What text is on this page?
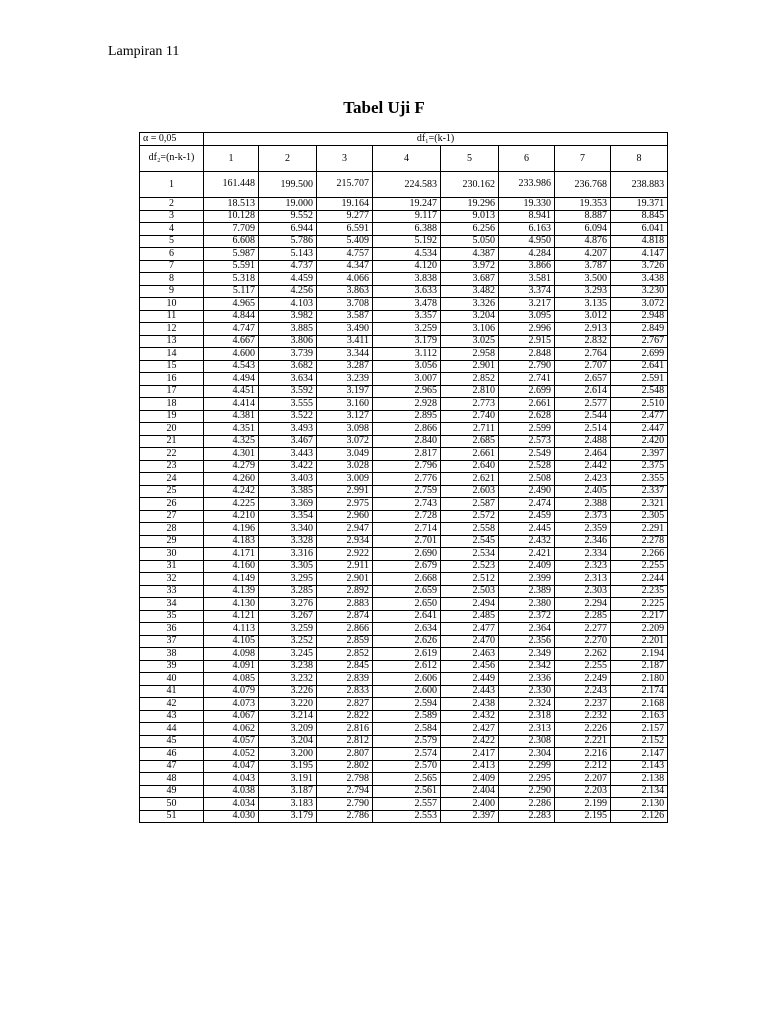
Lampiran 11
Tabel Uji F
α = 0,05	df₁=(k-1)							
df₂=(n-k-1)	1	2	3	4	5	6	7	8
1	161.448	199.500	215.707	224.583	230.162	233.986	236.768	238.883
2	18.513	19.000	19.164	19.247	19.296	19.330	19.353	19.371
3	10.128	9.552	9.277	9.117	9.013	8.941	8.887	8.845
4	7.709	6.944	6.591	6.388	6.256	6.163	6.094	6.041
5	6.608	5.786	5.409	5.192	5.050	4.950	4.876	4.818
6	5.987	5.143	4.757	4.534	4.387	4.284	4.207	4.147
7	5.591	4.737	4.347	4.120	3.972	3.866	3.787	3.726
8	5.318	4.459	4.066	3.838	3.687	3.581	3.500	3.438
9	5.117	4.256	3.863	3.633	3.482	3.374	3.293	3.230
10	4.965	4.103	3.708	3.478	3.326	3.217	3.135	3.072
11	4.844	3.982	3.587	3.357	3.204	3.095	3.012	2.948
12	4.747	3.885	3.490	3.259	3.106	2.996	2.913	2.849
13	4.667	3.806	3.411	3.179	3.025	2.915	2.832	2.767
14	4.600	3.739	3.344	3.112	2.958	2.848	2.764	2.699
15	4.543	3.682	3.287	3.056	2.901	2.790	2.707	2.641
16	4.494	3.634	3.239	3.007	2.852	2.741	2.657	2.591
17	4.451	3.592	3.197	2.965	2.810	2.699	2.614	2.548
18	4.414	3.555	3.160	2.928	2.773	2.661	2.577	2.510
19	4.381	3.522	3.127	2.895	2.740	2.628	2.544	2.477
20	4.351	3.493	3.098	2.866	2.711	2.599	2.514	2.447
21	4.325	3.467	3.072	2.840	2.685	2.573	2.488	2.420
22	4.301	3.443	3.049	2.817	2.661	2.549	2.464	2.397
23	4.279	3.422	3.028	2.796	2.640	2.528	2.442	2.375
24	4.260	3.403	3.009	2.776	2.621	2.508	2.423	2.355
25	4.242	3.385	2.991	2.759	2.603	2.490	2.405	2.337
26	4.225	3.369	2.975	2.743	2.587	2.474	2.388	2.321
27	4.210	3.354	2.960	2.728	2.572	2.459	2.373	2.305
28	4.196	3.340	2.947	2.714	2.558	2.445	2.359	2.291
29	4.183	3.328	2.934	2.701	2.545	2.432	2.346	2.278
30	4.171	3.316	2.922	2.690	2.534	2.421	2.334	2.266
31	4.160	3.305	2.911	2.679	2.523	2.409	2.323	2.255
32	4.149	3.295	2.901	2.668	2.512	2.399	2.313	2.244
33	4.139	3.285	2.892	2.659	2.503	2.389	2.303	2.235
34	4.130	3.276	2.883	2.650	2.494	2.380	2.294	2.225
35	4.121	3.267	2.874	2.641	2.485	2.372	2.285	2.217
36	4.113	3.259	2.866	2.634	2.477	2.364	2.277	2.209
37	4.105	3.252	2.859	2.626	2.470	2.356	2.270	2.201
38	4.098	3.245	2.852	2.619	2.463	2.349	2.262	2.194
39	4.091	3.238	2.845	2.612	2.456	2.342	2.255	2.187
40	4.085	3.232	2.839	2.606	2.449	2.336	2.249	2.180
41	4.079	3.226	2.833	2.600	2.443	2.330	2.243	2.174
42	4.073	3.220	2.827	2.594	2.438	2.324	2.237	2.168
43	4.067	3.214	2.822	2.589	2.432	2.318	2.232	2.163
44	4.062	3.209	2.816	2.584	2.427	2.313	2.226	2.157
45	4.057	3.204	2.812	2.579	2.422	2.308	2.221	2.152
46	4.052	3.200	2.807	2.574	2.417	2.304	2.216	2.147
47	4.047	3.195	2.802	2.570	2.413	2.299	2.212	2.143
48	4.043	3.191	2.798	2.565	2.409	2.295	2.207	2.138
49	4.038	3.187	2.794	2.561	2.404	2.290	2.203	2.134
50	4.034	3.183	2.790	2.557	2.400	2.286	2.199	2.130
51	4.030	3.179	2.786	2.553	2.397	2.283	2.195	2.126
